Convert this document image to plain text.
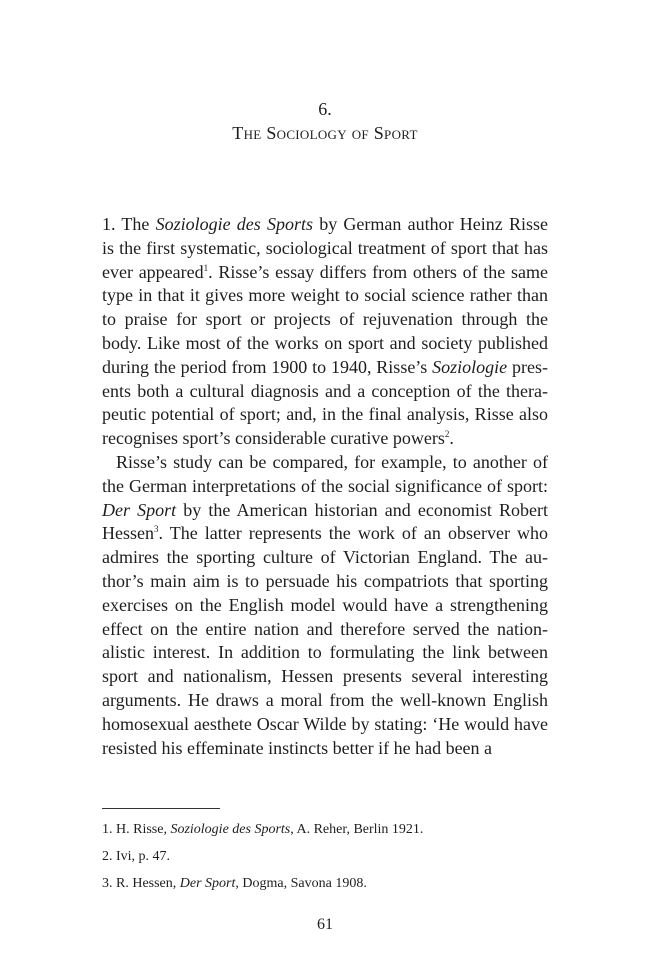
6.
The Sociology of Sport

1. The Soziologie des Sports by German author Heinz Risse is the first systematic, sociological treatment of sport that has ever appeared$^1$. Risse’s essay differs from others of the same type in that it gives more weight to social science rather than to praise for sport or projects of rejuvenation through the body. Like most of the works on sport and society published during the period from 1900 to 1940, Risse’s Soziologie presents both a cultural diagnosis and a conception of the therapeutic potential of sport; and, in the final analysis, Risse also recognises sport’s considerable curative powers$^2$.

Risse’s study can be compared, for example, to another of the German interpretations of the social significance of sport: Der Sport by the American historian and economist Robert Hessen$^3$. The latter represents the work of an observer who admires the sporting culture of Victorian England. The author’s main aim is to persuade his compatriots that sporting exercises on the English model would have a strengthening effect on the entire nation and therefore served the nationalistic interest. In addition to formulating the link between sport and nationalism, Hessen presents several interesting arguments. He draws a moral from the well-known English homosexual aesthete Oscar Wilde by stating: ‘He would have resisted his effeminate instincts better if he had been a

1. H. Risse, Soziologie des Sports, A. Reher, Berlin 1921.
2. Ivi, p. 47.
3. R. Hessen, Der Sport, Dogma, Savona 1908.
61
